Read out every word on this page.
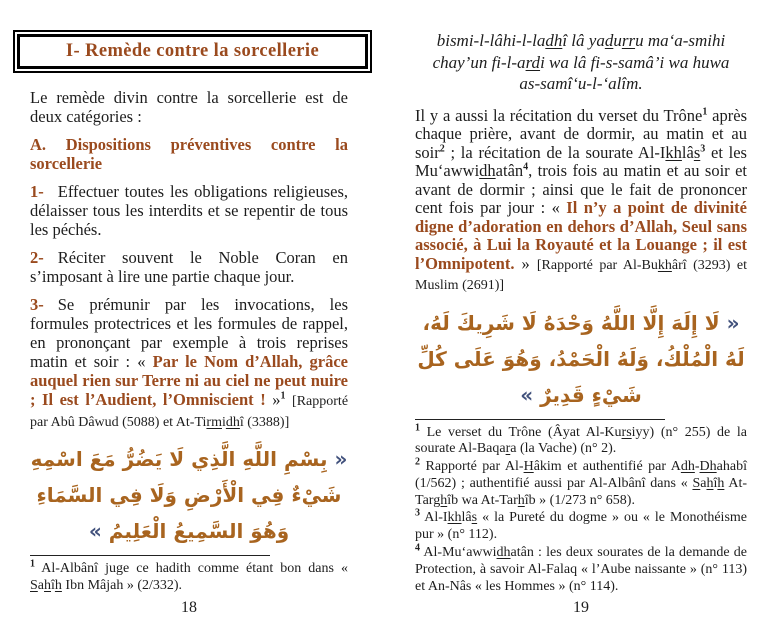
I- Remède contre la sorcellerie

Le remède divin contre la sorcellerie est de deux catégories :

A. Dispositions préventives contre la sorcellerie

1- Effectuer toutes les obligations religieuses, délaisser tous les interdits et se repentir de tous les péchés.

2- Réciter souvent le Noble Coran en s’imposant à lire une partie chaque jour.

3- Se prémunir par les invocations, les formules protectrices et les formules de rappel, en prononçant par exemple à trois reprises matin et soir : « Par le Nom d’Allah, grâce auquel rien sur Terre ni au ciel ne peut nuire ; Il est l’Audient, l’Omniscient ! »$^1$ [Rapporté par Abû Dâwud (5088) et At-Tirmidhî (3388)]

« بِسْمِ اللَّهِ الَّذِي لَا يَضُرُّ مَعَ اسْمِهِ شَيْءٌ فِي الْأَرْضِ وَلَا فِي السَّمَاءِ وَهُوَ السَّمِيعُ الْعَلِيمُ »

$^1$ Al-Albânî juge ce hadith comme étant bon dans « Sahîh Ibn Mâjah » (2/332).

18
bismi-l-lâhi-l-ladhî lâ yadurru ma‘a-smihi
chay’un fi-l-ardi wa lâ fi-s-samâ’i wa huwa
as-samî‘u-l-‘alîm.

Il y a aussi la récitation du verset du Trône$^1$ après chaque prière, avant de dormir, au matin et au soir$^2$ ; la récitation de la sourate Al-Ikhlâs$^3$ et les Mu‘awwidhatân$^4$, trois fois au matin et au soir et avant de dormir ; ainsi que le fait de prononcer cent fois par jour : « Il n’y a point de divinité digne d’adoration en dehors d’Allah, Seul sans associé, à Lui la Royauté et la Louange ; il est l’Omnipotent. » [Rapporté par Al-Bukhârî (3293) et Muslim (2691)]

« لَا إِلَهَ إِلَّا اللَّهُ وَحْدَهُ لَا شَرِيكَ لَهُ، لَهُ الْمُلْكُ، وَلَهُ الْحَمْدُ، وَهُوَ عَلَى كُلِّ شَيْءٍ قَدِيرٌ »

$^1$ Le verset du Trône (Âyat Al-Kursiyy) (n° 255) de la sourate Al-Baqara (la Vache) (n° 2).

$^2$ Rapporté par Al-Hâkim et authentifié par Adh-Dhahabî (1/562) ; authentifié aussi par Al-Albânî dans « Sahîh At-Targhîb wa At-Tarhîb » (1/273 n° 658).

$^3$ Al-Ikhlâs « la Pureté du dogme » ou « le Monothéisme pur » (n° 112).

$^4$ Al-Mu‘awwidhatân : les deux sourates de la demande de Protection, à savoir Al-Falaq « l’Aube naissante » (n° 113) et An-Nâs « les Hommes » (n° 114).

19
